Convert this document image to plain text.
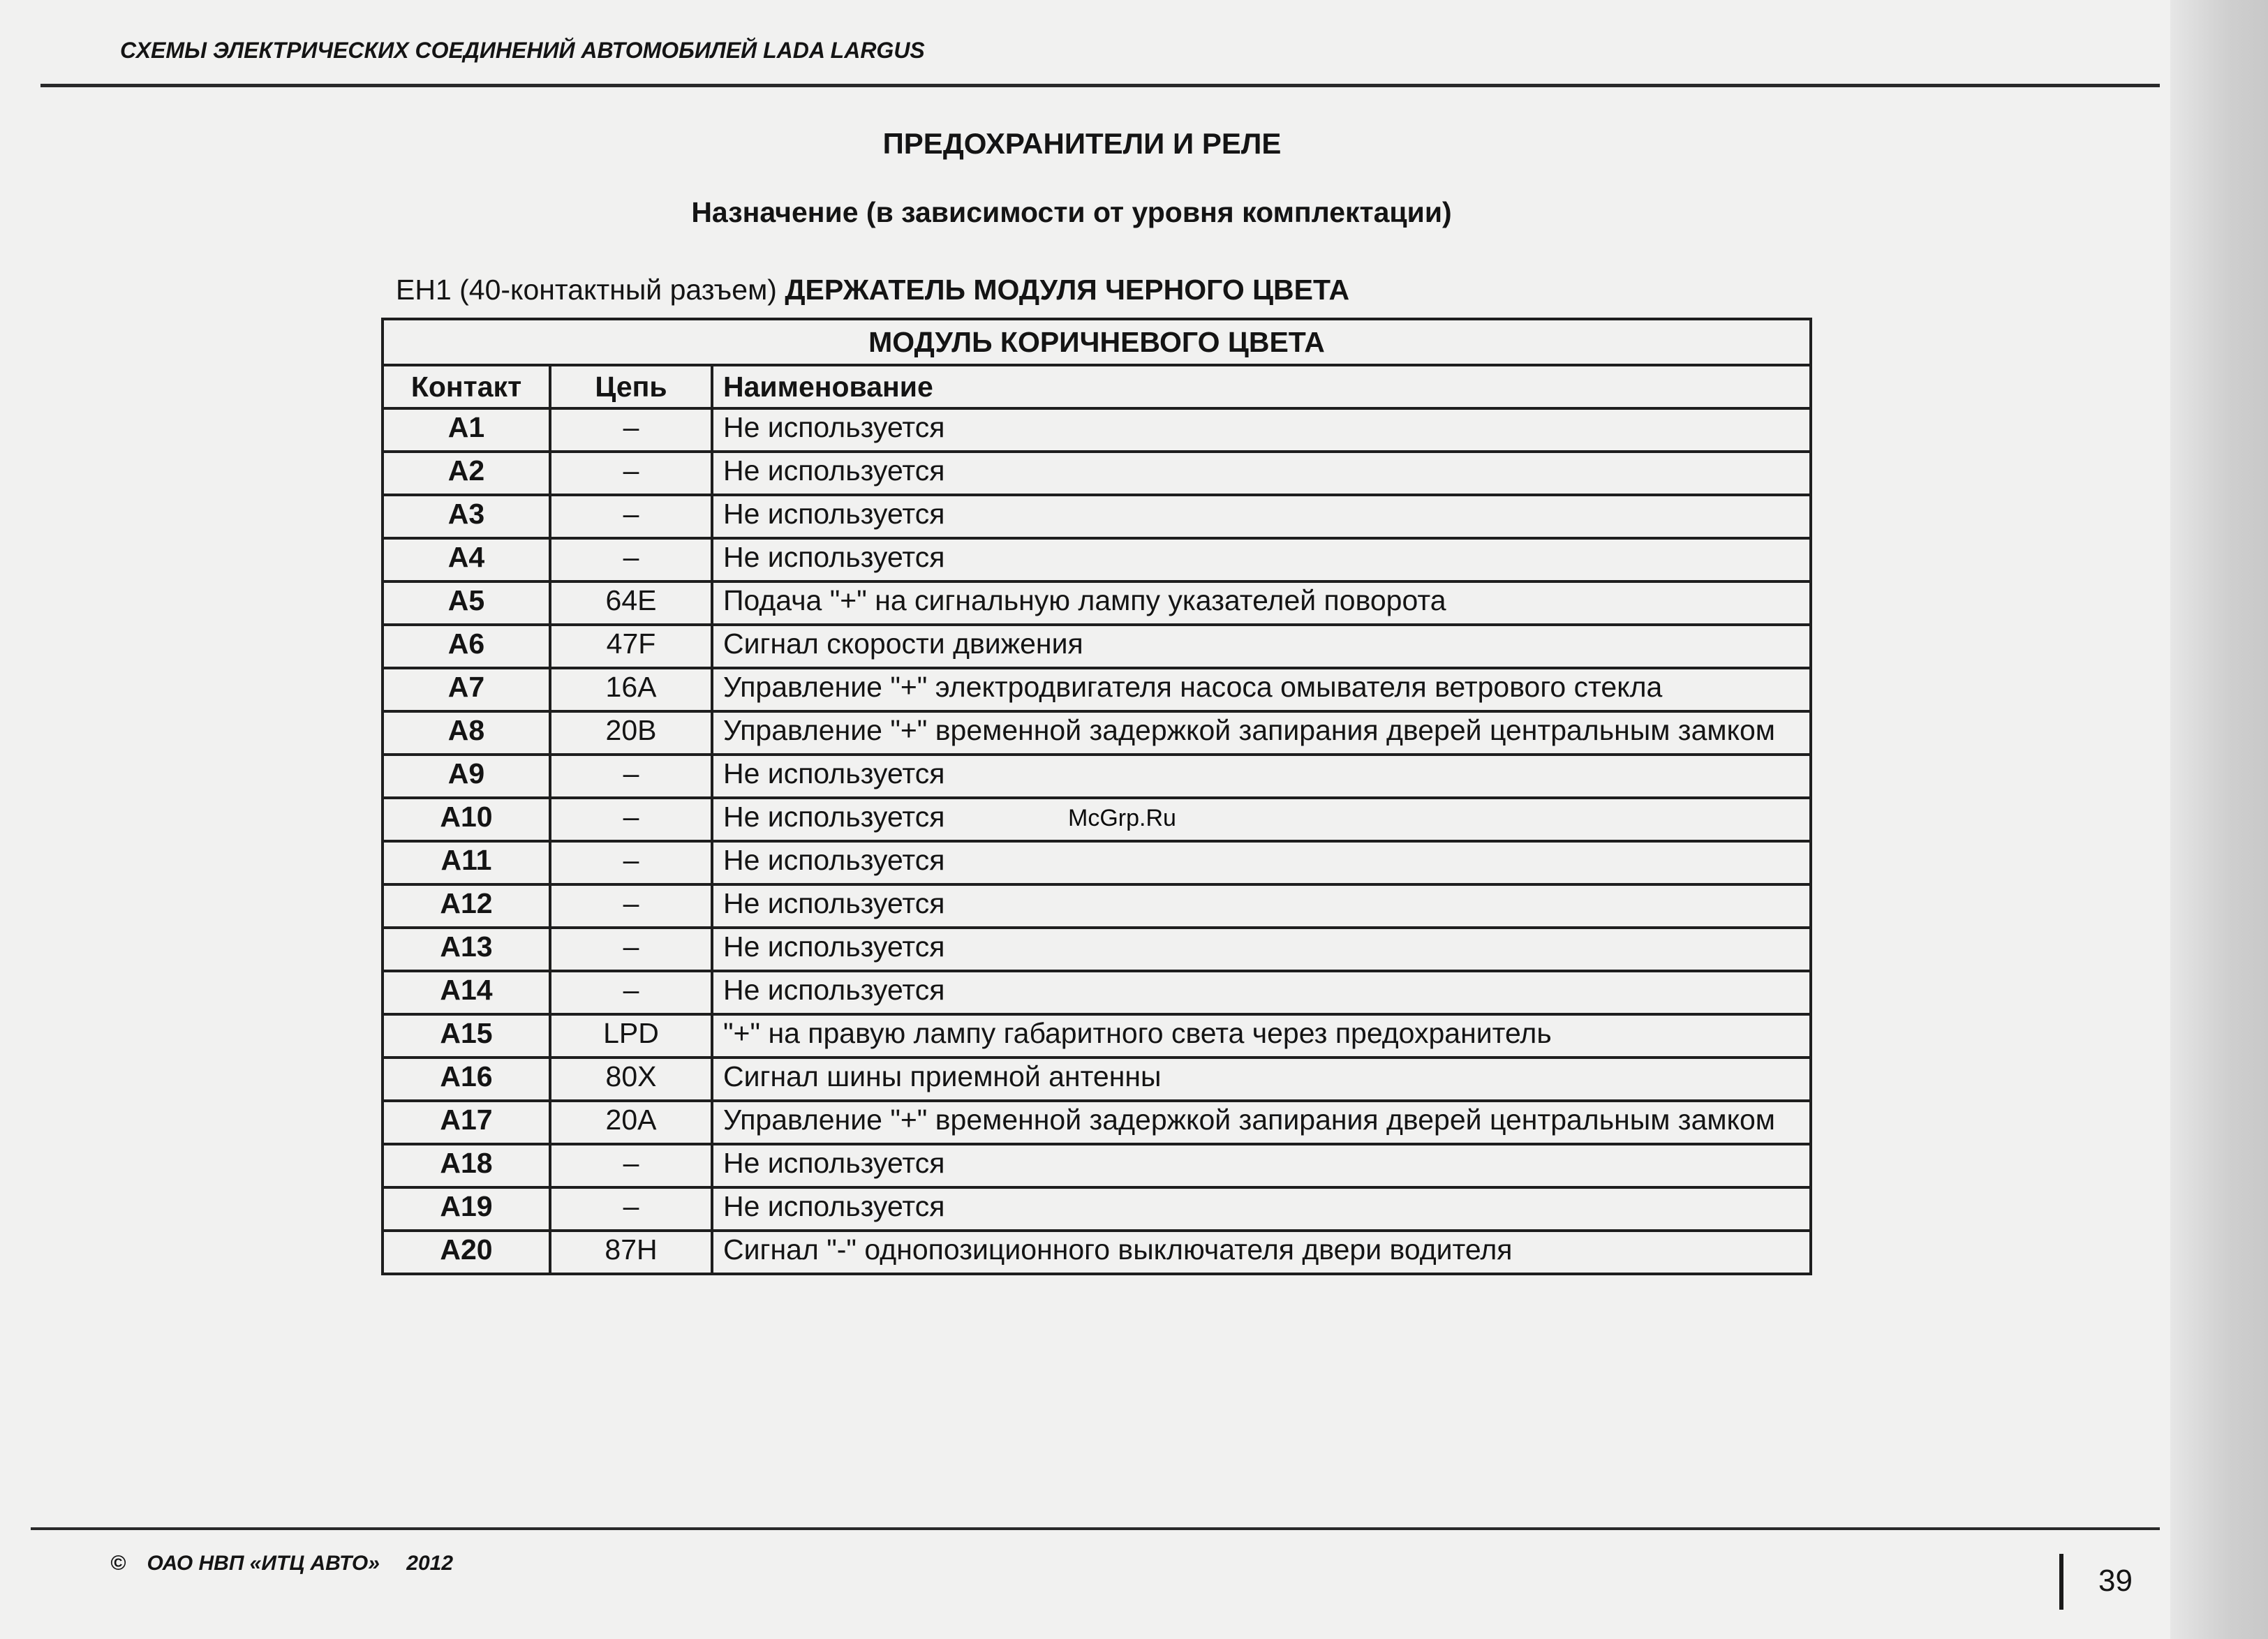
СХЕМЫ ЭЛЕКТРИЧЕСКИХ СОЕДИНЕНИЙ АВТОМОБИЛЕЙ LADA LARGUS
ПРЕДОХРАНИТЕЛИ И РЕЛЕ
Назначение (в зависимости от уровня комплектации)
ЕН1 (40-контактный разъем) ДЕРЖАТЕЛЬ МОДУЛЯ ЧЕРНОГО ЦВЕТА
МОДУЛЬ КОРИЧНЕВОГО ЦВЕТА		
Контакт	Цепь	Наименование
A1	–	Не используется
A2	–	Не используется
A3	–	Не используется
A4	–	Не используется
A5	64E	Подача "+" на сигнальную лампу указателей поворота
A6	47F	Сигнал скорости движения
A7	16A	Управление "+" электродвигателя насоса омывателя ветрового стекла
A8	20B	Управление "+" временной задержкой запирания дверей центральным замком
A9	–	Не используется
A10	–	Не используется
A11	–	Не используется
A12	–	Не используется
A13	–	Не используется
A14	–	Не используется
A15	LPD	"+" на правую лампу габаритного света через предохранитель
A16	80X	Сигнал шины приемной антенны
A17	20A	Управление "+" временной задержкой запирания дверей центральным замком
A18	–	Не используется
A19	–	Не используется
A20	87H	Сигнал "-" однопозиционного выключателя двери водителя
McGrp.Ru
© ОАО НВП «ИТЦ АВТО» 2012
39
